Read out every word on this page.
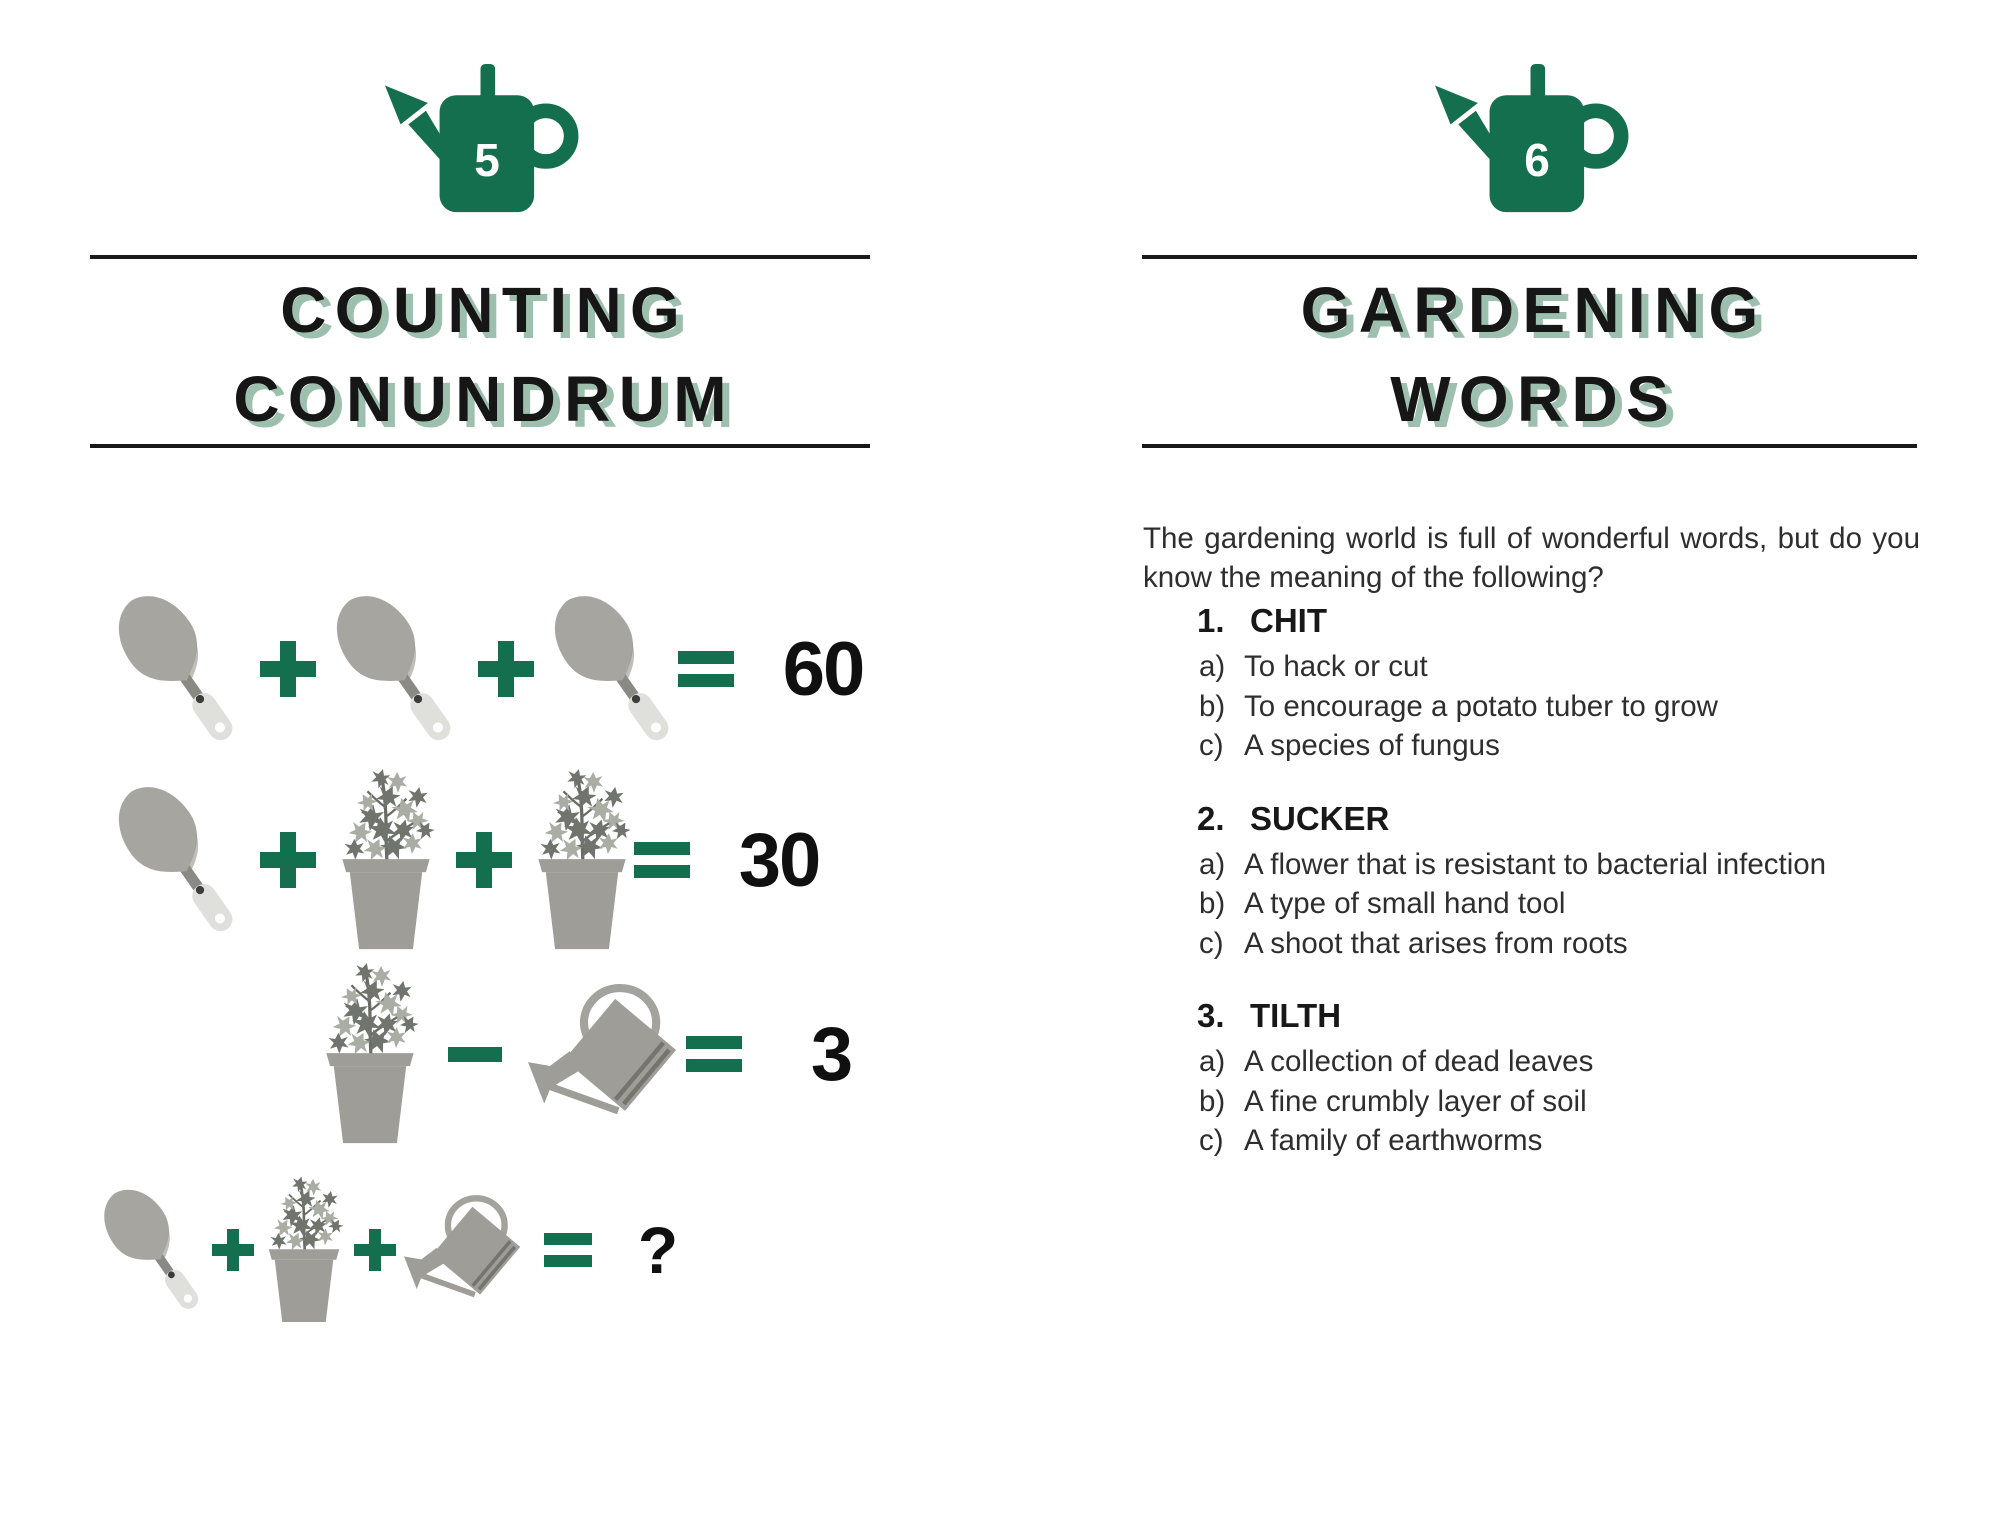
5
COUNTING
CONUNDRUM
60
30
3
?
6
GARDENING
WORDS

The gardening world is full of wonderful words, but do you know the meaning of the following?

1. CHIT
a) To hack or cut
b) To encourage a potato tuber to grow
c) A species of fungus
2. SUCKER
a) A flower that is resistant to bacterial infection
b) A type of small hand tool
c) A shoot that arises from roots
3. TILTH
a) A collection of dead leaves
b) A fine crumbly layer of soil
c) A family of earthworms
